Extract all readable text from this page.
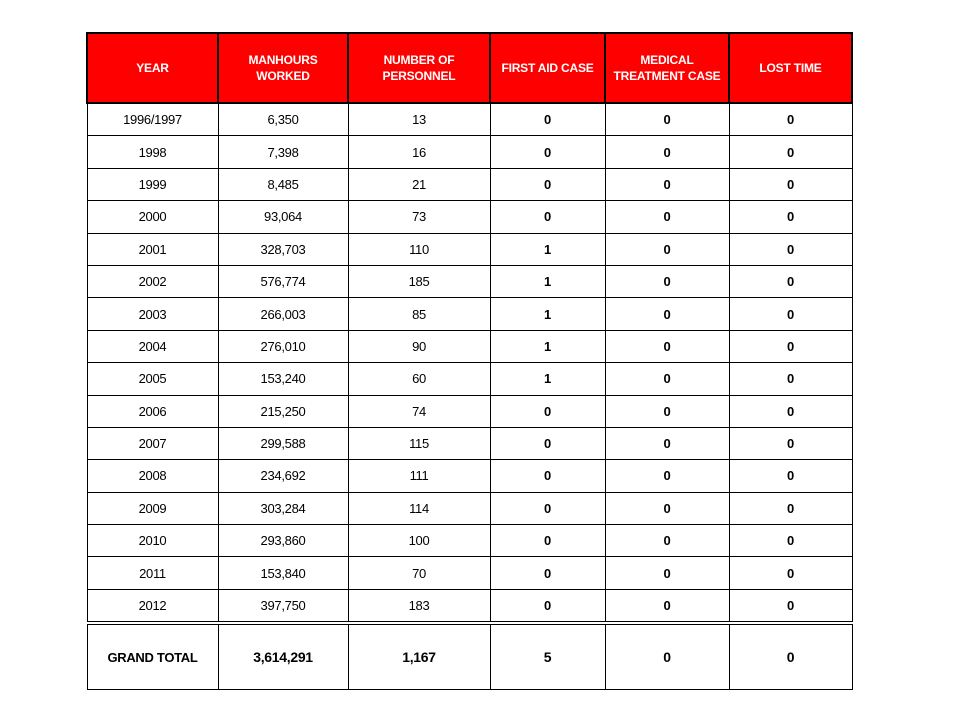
YEAR	MANHOURS WORKED	NUMBER OF PERSONNEL	FIRST AID CASE	MEDICAL TREATMENT CASE	LOST TIME
1996/1997	6,350	13	0	0	0
1998	7,398	16	0	0	0
1999	8,485	21	0	0	0
2000	93,064	73	0	0	0
2001	328,703	110	1	0	0
2002	576,774	185	1	0	0
2003	266,003	85	1	0	0
2004	276,010	90	1	0	0
2005	153,240	60	1	0	0
2006	215,250	74	0	0	0
2007	299,588	115	0	0	0
2008	234,692	111	0	0	0
2009	303,284	114	0	0	0
2010	293,860	100	0	0	0
2011	153,840	70	0	0	0
2012	397,750	183	0	0	0
GRAND TOTAL	3,614,291	1,167	5	0	0
